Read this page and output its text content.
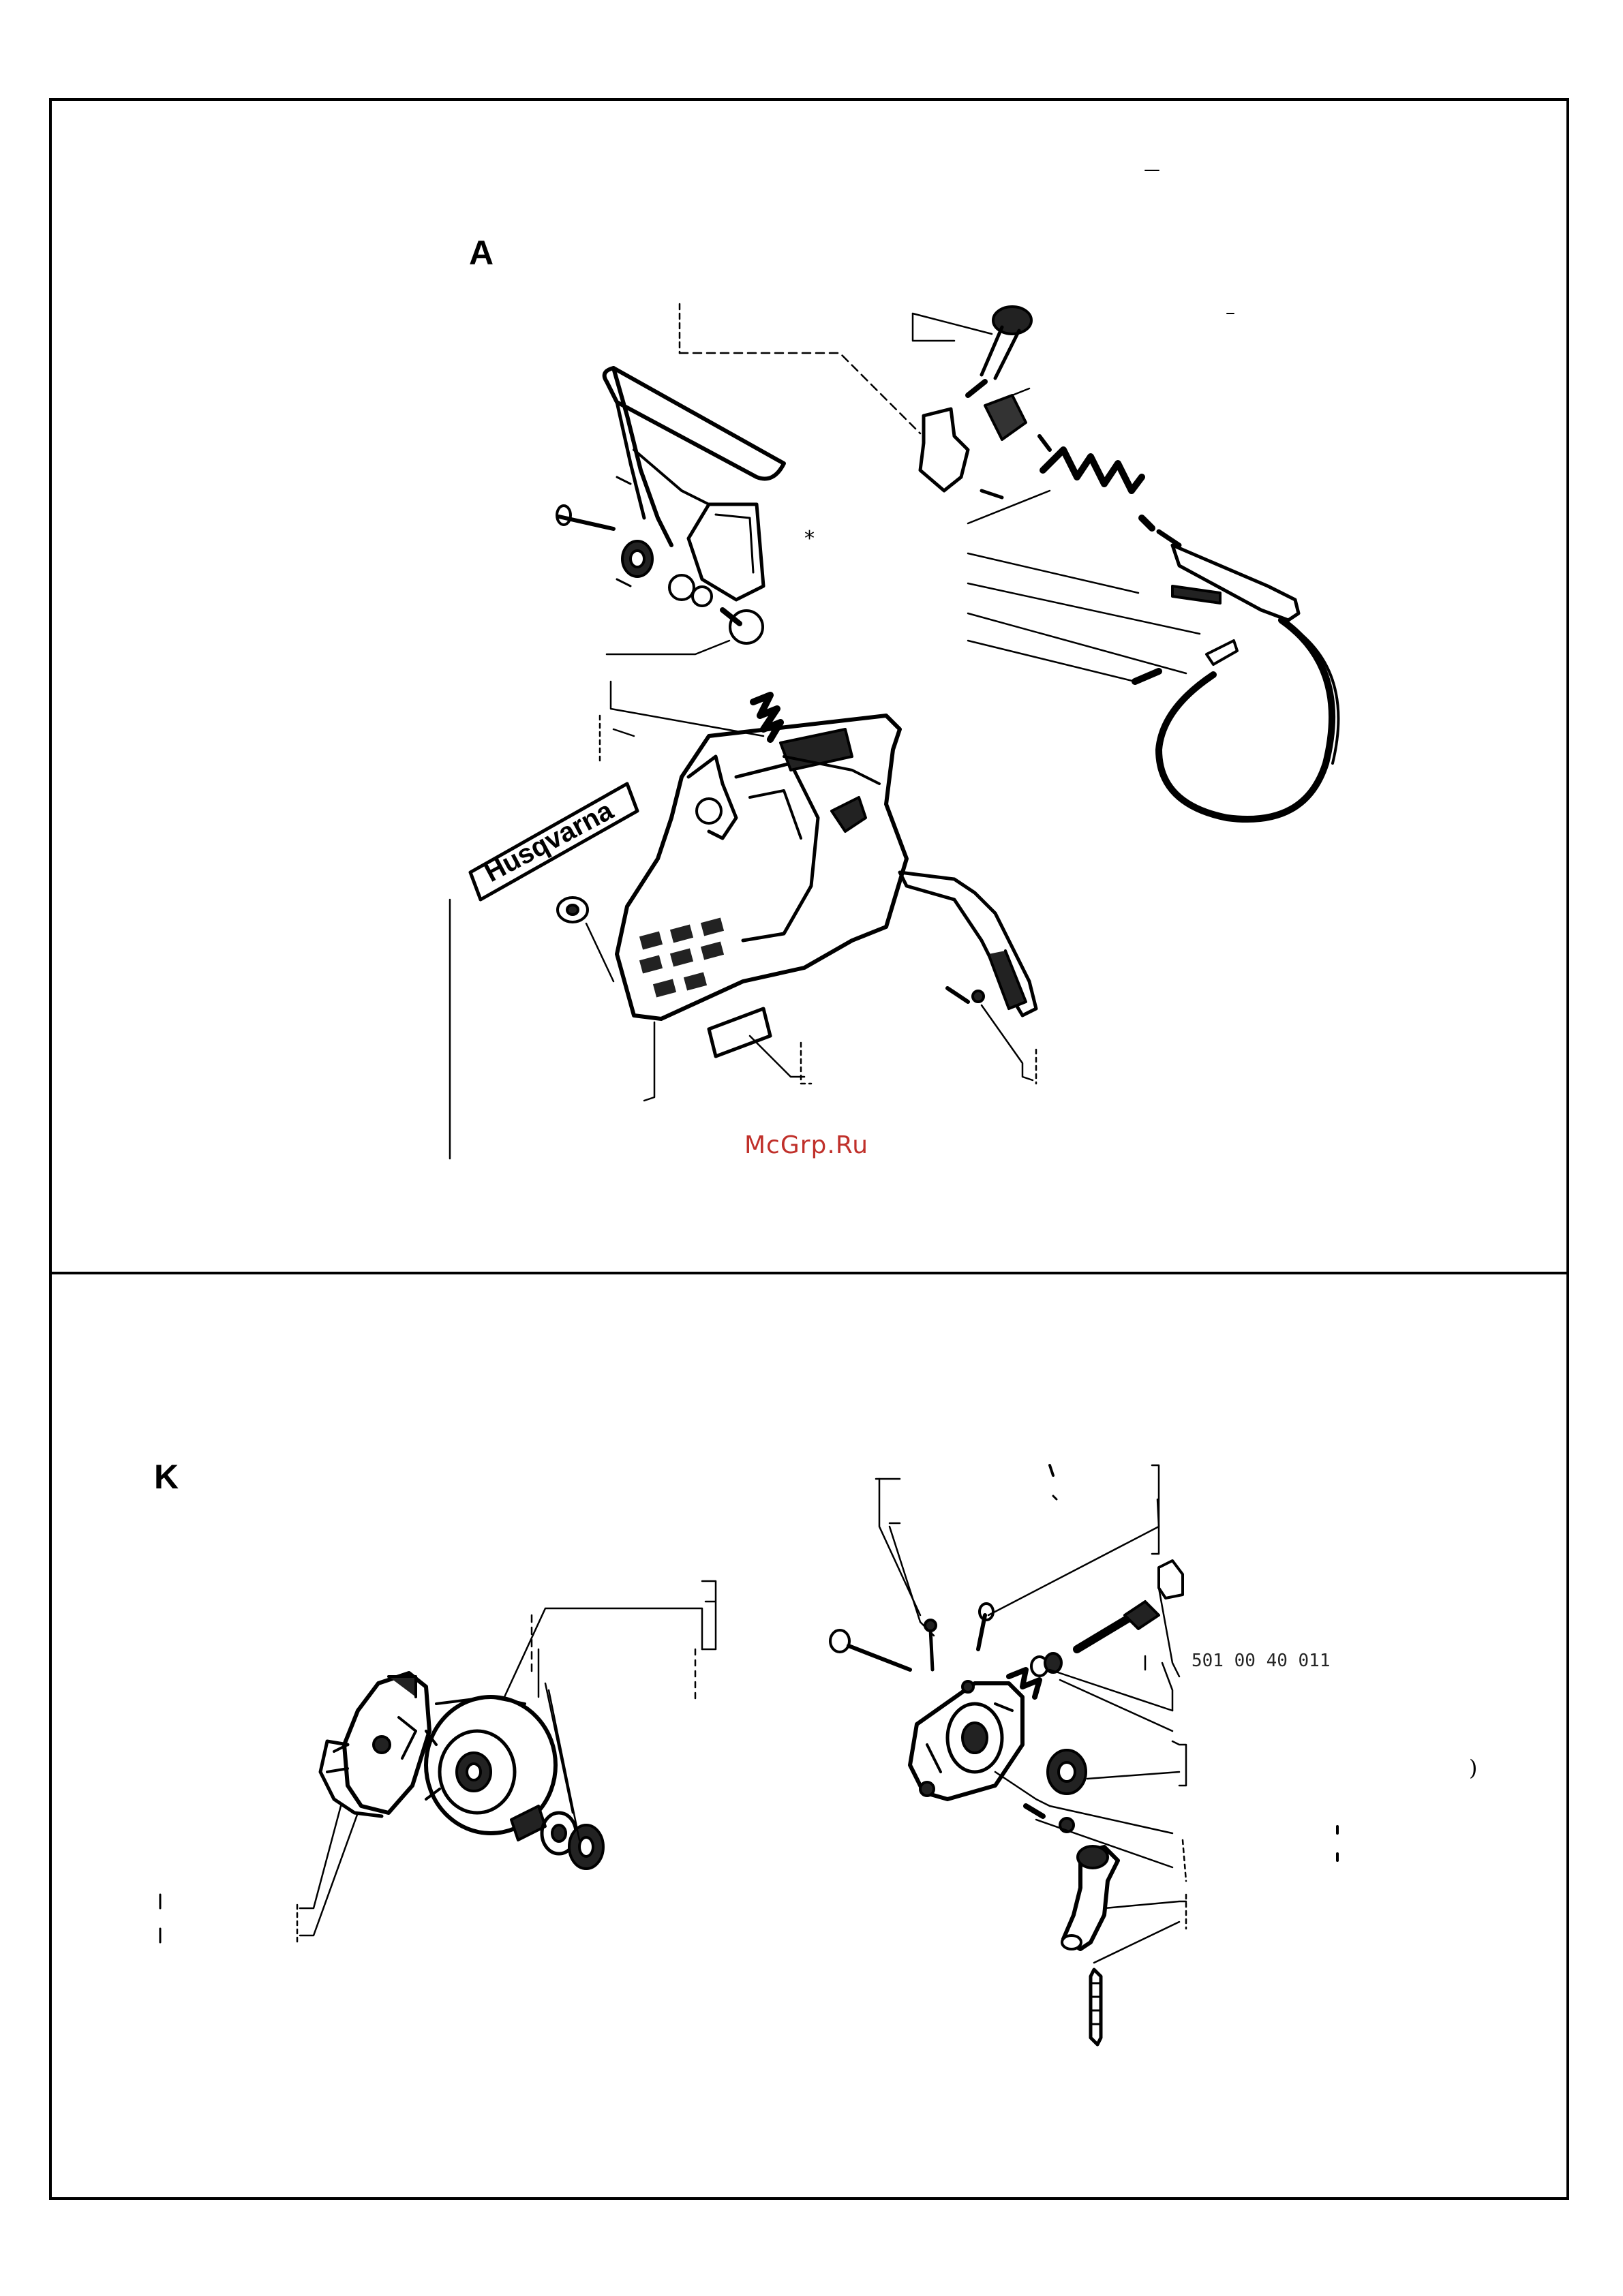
A
K
*
Husqvarna
501 00 40 011
)
McGrp.Ru
